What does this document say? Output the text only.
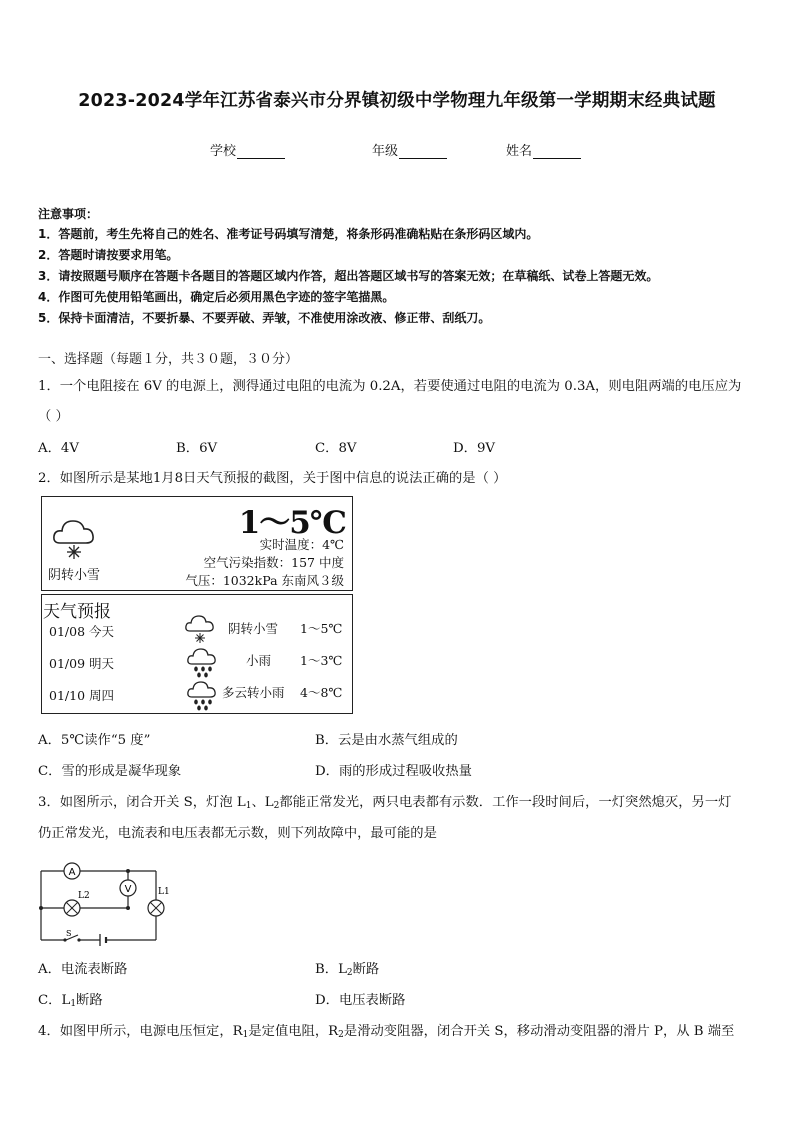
2023-2024学年江苏省泰兴市分界镇初级中学物理九年级第一学期期末经典试题
学校	年级	姓名
注意事项：
1．答题前，考生先将自己的姓名、准考证号码填写清楚，将条形码准确粘贴在条形码区域内。
2．答题时请按要求用笔。
3．请按照题号顺序在答题卡各题目的答题区域内作答，超出答题区域书写的答案无效；在草稿纸、试卷上答题无效。
4．作图可先使用铅笔画出，确定后必须用黑色字迹的签字笔描黑。
5．保持卡面清洁，不要折暴、不要弄破、弄皱，不准使用涂改液、修正带、刮纸刀。
一、选择题（每题１分，共３０题，３０分）
1．一个电阻接在 6V 的电源上，测得通过电阻的电流为 0.2A，若要使通过电阻的电流为 0.3A，则电阻两端的电压应为
（ ）
A．4V	B．6V	C．8V	D．9V
2．如图所示是某地1月8日天气预报的截图，关于图中信息的说法正确的是（ ）
阴转小雪
1～5℃
实时温度：4℃
空气污染指数：157 中度
气压：1032kPa 东南风３级
天气预报
01/08 今天	阴转小雪 1～5℃
01/09 明天	小雨 1～3℃
01/10 周四	多云转小雨 4～8℃
A．5℃读作“5 度”	B．云是由水蒸气组成的
C．雪的形成是凝华现象	D．雨的形成过程吸收热量
3．如图所示，闭合开关 S，灯泡 $L_1$、$L_2$都能正常发光，两只电表都有示数．工作一段时间后，一灯突然熄灭，另一灯
仍正常发光，电流表和电压表都无示数，则下列故障中，最可能的是
A
V
L2	L1
S
A．电流表断路	B．$L_2$断路
C．$L_1$断路	D．电压表断路
4．如图甲所示，电源电压恒定，$R_1$是定值电阻，$R_2$是滑动变阻器，闭合开关 S，移动滑动变阻器的滑片 P，从 B 端至
